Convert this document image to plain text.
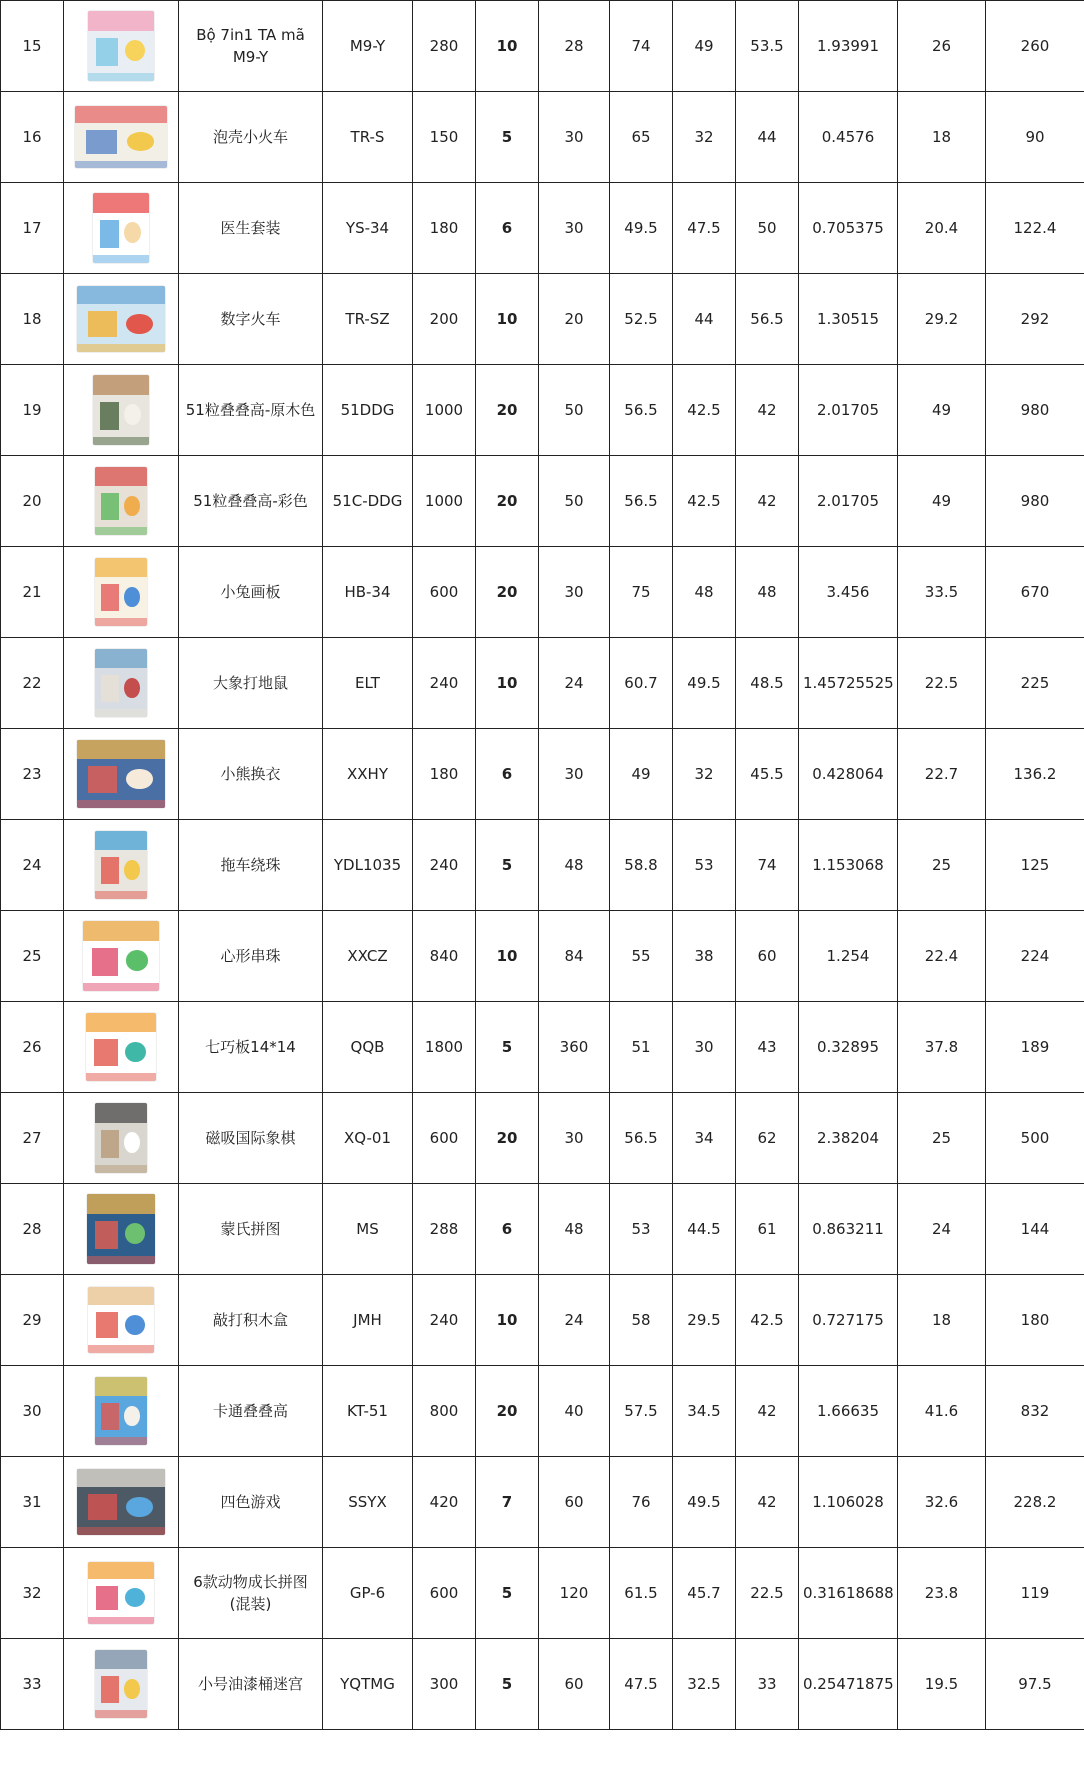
15		Bộ 7in1 TA mã M9-Y	M9-Y	280	10	28	74	49	53.5	1.93991	26	260
16		泡壳小火车	TR-S	150	5	30	65	32	44	0.4576	18	90
17		医生套装	YS-34	180	6	30	49.5	47.5	50	0.705375	20.4	122.4
18		数字火车	TR-SZ	200	10	20	52.5	44	56.5	1.30515	29.2	292
19		51粒叠叠高-原木色	51DDG	1000	20	50	56.5	42.5	42	2.01705	49	980
20		51粒叠叠高-彩色	51C-DDG	1000	20	50	56.5	42.5	42	2.01705	49	980
21		小兔画板	HB-34	600	20	30	75	48	48	3.456	33.5	670
22		大象打地鼠	ELT	240	10	24	60.7	49.5	48.5	1.45725525	22.5	225
23		小熊换衣	XXHY	180	6	30	49	32	45.5	0.428064	22.7	136.2
24		拖车绕珠	YDL1035	240	5	48	58.8	53	74	1.153068	25	125
25		心形串珠	XXCZ	840	10	84	55	38	60	1.254	22.4	224
26		七巧板14*14	QQB	1800	5	360	51	30	43	0.32895	37.8	189
27		磁吸国际象棋	XQ-01	600	20	30	56.5	34	62	2.38204	25	500
28		蒙氏拼图	MS	288	6	48	53	44.5	61	0.863211	24	144
29		敲打积木盒	JMH	240	10	24	58	29.5	42.5	0.727175	18	180
30		卡通叠叠高	KT-51	800	20	40	57.5	34.5	42	1.66635	41.6	832
31		四色游戏	SSYX	420	7	60	76	49.5	42	1.106028	32.6	228.2
32		6款动物成长拼图(混装)	GP-6	600	5	120	61.5	45.7	22.5	0.31618688	23.8	119
33		小号油漆桶迷宫	YQTMG	300	5	60	47.5	32.5	33	0.25471875	19.5	97.5
